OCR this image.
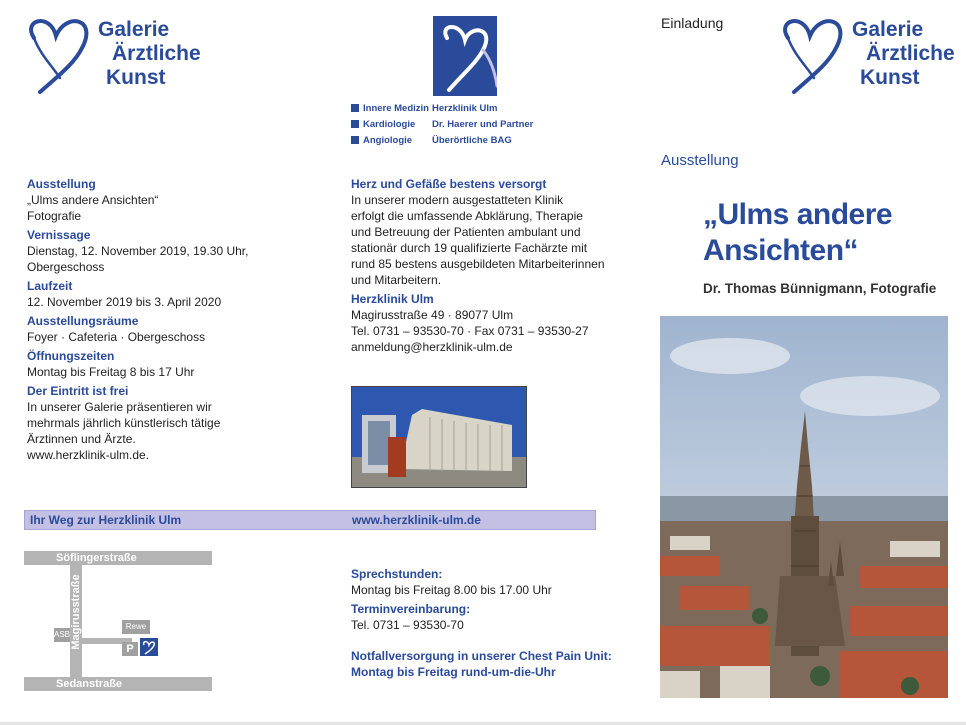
Galerie
Ärztliche
Kunst
Innere Medizin
Kardiologie
Angiologie
Herzklinik Ulm
Dr. Haerer und Partner
Überörtliche BAG
Ausstellung
„Ulms andere Ansichten“
Fotografie
Vernissage
Dienstag, 12. November 2019, 19.30 Uhr,
Obergeschoss
Laufzeit
12. November 2019 bis 3. April 2020
Ausstellungsräume
Foyer · Cafeteria · Obergeschoss
Öffnungszeiten
Montag bis Freitag 8 bis 17 Uhr
Der Eintritt ist frei
In unserer Galerie präsentieren wir
mehrmals jährlich künstlerisch tätige
Ärztinnen und Ärzte.
www.herzklinik-ulm.de.
Herz und Gefäße bestens versorgt
In unserer modern ausgestatteten Klinik
erfolgt die umfassende Abklärung, Therapie
und Betreuung der Patienten ambulant und
stationär durch 19 qualifizierte Fachärzte mit
rund 85 bestens ausgebildeten Mitarbeiterinnen
und Mitarbeitern.
Herzklinik Ulm
Magirusstraße 49 · 89077 Ulm
Tel. 0731 – 93530-70 · Fax 0731 – 93530-27
anmeldung@herzklinik-ulm.de
Ihr Weg zur Herzklinik Ulm	www.herzklinik-ulm.de
Söflingerstraße
Magirusstraße
Sedanstraße
ASB
Rewe
P
Sprechstunden:
Montag bis Freitag 8.00 bis 17.00 Uhr
Terminvereinbarung:
Tel. 0731 – 93530-70
Notfallversorgung in unserer Chest Pain Unit:
Montag bis Freitag rund-um-die-Uhr
Einladung	Galerie
Ärztliche
Kunst
Ausstellung
„Ulms andere
Ansichten“
Dr. Thomas Bünnigmann, Fotografie
